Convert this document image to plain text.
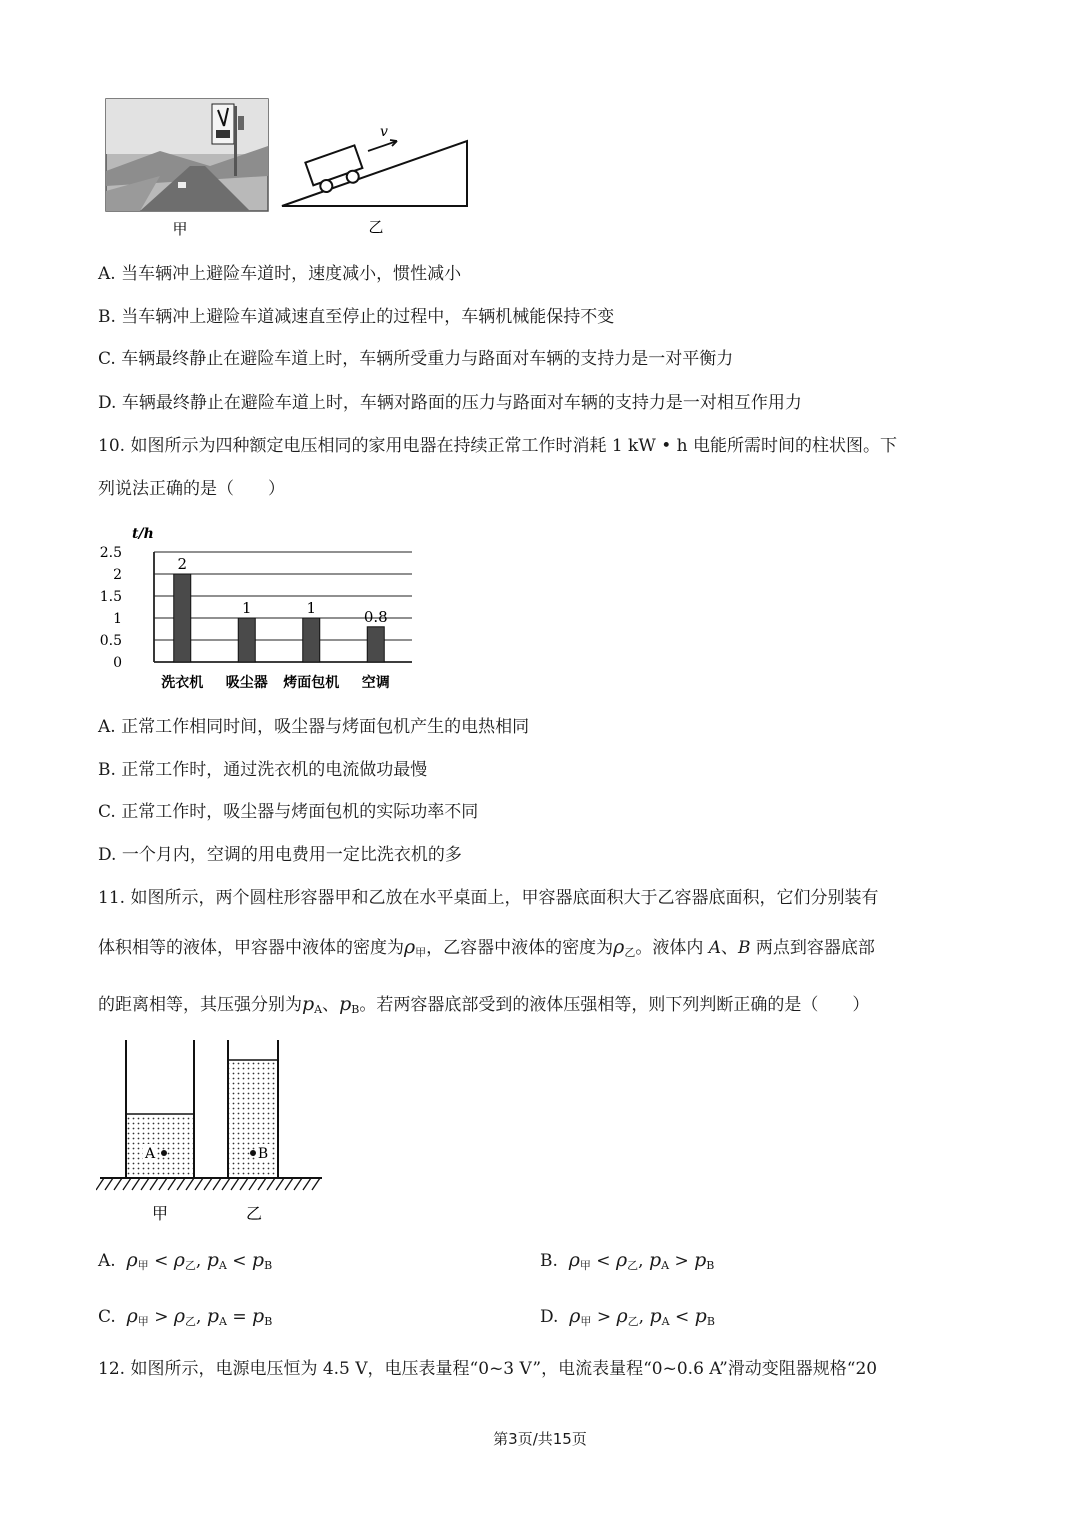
甲
v
乙
A. 当车辆冲上避险车道时，速度减小，惯性减小
B. 当车辆冲上避险车道减速直至停止的过程中，车辆机械能保持不变
C. 车辆最终静止在避险车道上时，车辆所受重力与路面对车辆的支持力是一对平衡力
D. 车辆最终静止在避险车道上时，车辆对路面的压力与路面对车辆的支持力是一对相互作用力
10. 如图所示为四种额定电压相同的家用电器在持续正常工作时消耗 1 kW • h 电能所需时间的柱状图。下
列说法正确的是（　　）
0
0.5
1
1.5
2
2.5
2
1	1	0.8
洗衣机 吸尘器 烤面包机 空调
t/h
A. 正常工作相同时间，吸尘器与烤面包机产生的电热相同
B. 正常工作时，通过洗衣机的电流做功最慢
C. 正常工作时，吸尘器与烤面包机的实际功率不同
D. 一个月内，空调的用电费用一定比洗衣机的多
11. 如图所示，两个圆柱形容器甲和乙放在水平桌面上，甲容器底面积大于乙容器底面积，它们分别装有
体积相等的液体，甲容器中液体的密度为$\rho_甲$，乙容器中液体的密度为$\rho_乙$。液体内 A、B 两点到容器底部
的距离相等，其压强分别为$p_A$、$p_B$。若两容器底部受到的液体压强相等，则下列判断正确的是（　　）
A	B
甲	乙
A. $\rho_甲 < \rho_乙$, $p_A < p_B$	B. $\rho_甲 < \rho_乙$, $p_A > p_B$
C. $\rho_甲 > \rho_乙$, $p_A = p_B$	D. $\rho_甲 > \rho_乙$, $p_A < p_B$
12. 如图所示，电源电压恒为 4.5 V，电压表量程“0~3 V”，电流表量程“0~0.6 A”滑动变阻器规格“20
第3页/共15页
